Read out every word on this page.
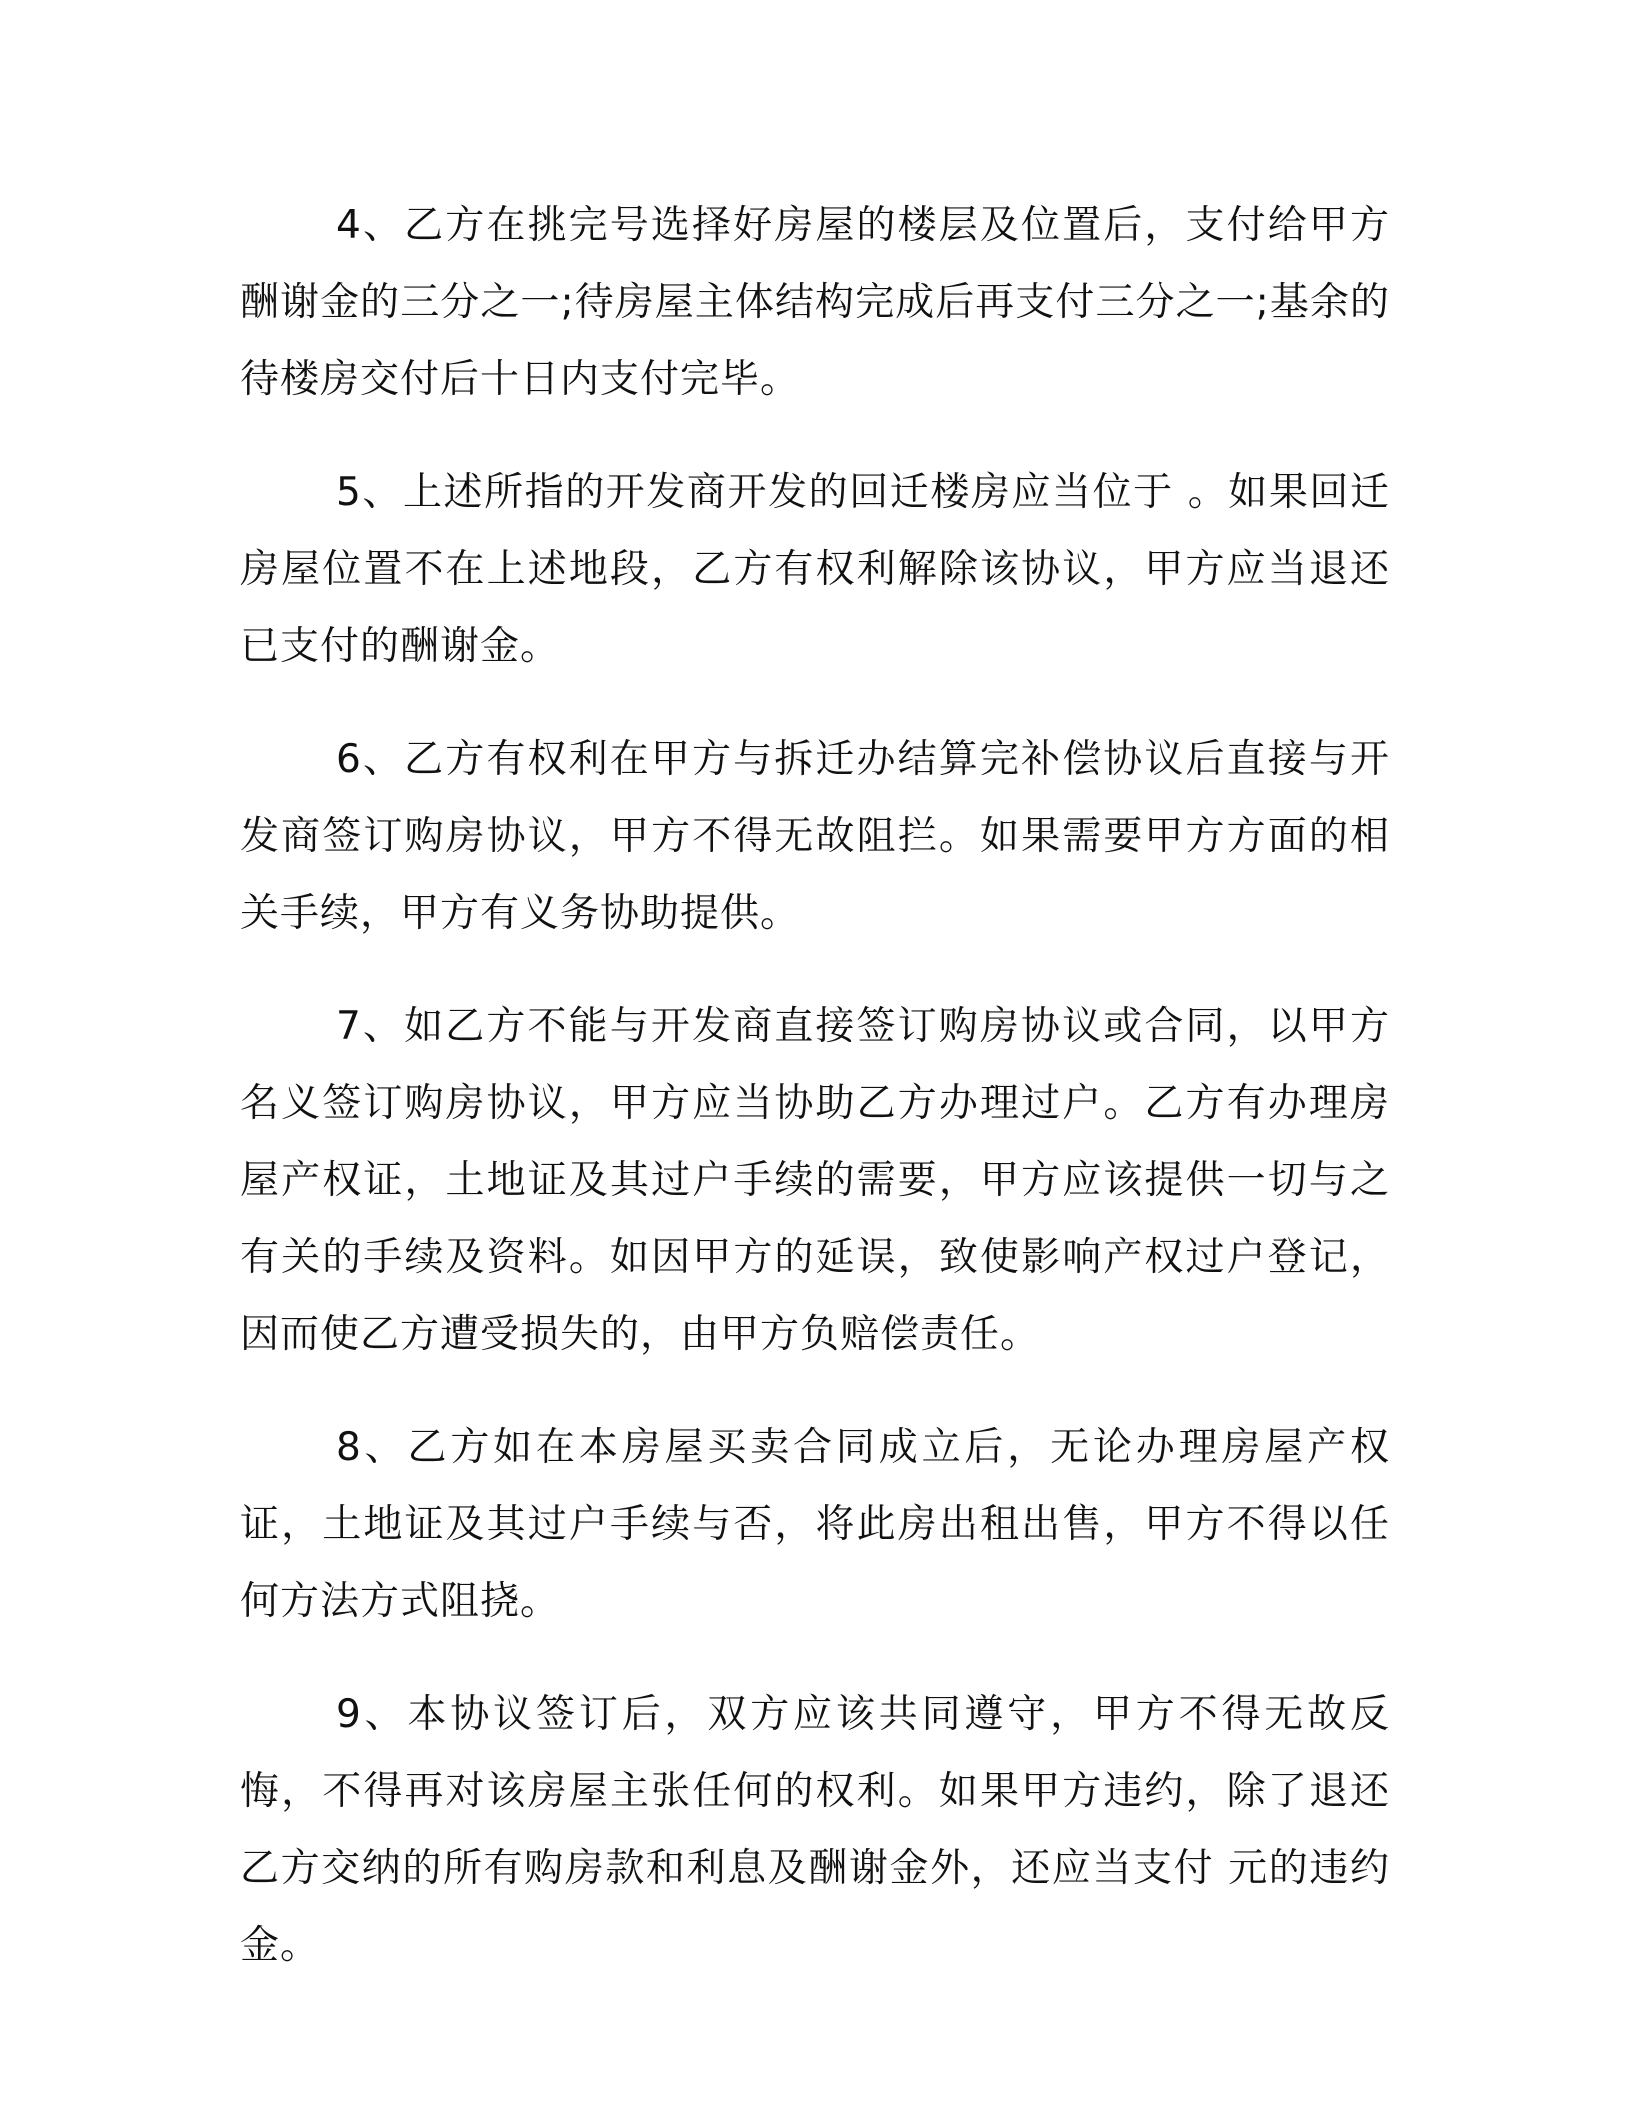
4、乙方在挑完号选择好房屋的楼层及位置后，支付给甲方酬谢金的三分之一;待房屋主体结构完成后再支付三分之一;基余的待楼房交付后十日内支付完毕。

5、上述所指的开发商开发的回迁楼房应当位于 。如果回迁房屋位置不在上述地段，乙方有权利解除该协议，甲方应当退还已支付的酬谢金。

6、乙方有权利在甲方与拆迁办结算完补偿协议后直接与开发商签订购房协议，甲方不得无故阻拦。如果需要甲方方面的相关手续，甲方有义务协助提供。

7、如乙方不能与开发商直接签订购房协议或合同，以甲方名义签订购房协议，甲方应当协助乙方办理过户。乙方有办理房屋产权证，土地证及其过户手续的需要，甲方应该提供一切与之有关的手续及资料。如因甲方的延误，致使影响产权过户登记，因而使乙方遭受损失的，由甲方负赔偿责任。

8、乙方如在本房屋买卖合同成立后，无论办理房屋产权证，土地证及其过户手续与否，将此房出租出售，甲方不得以任何方法方式阻挠。

9、本协议签订后，双方应该共同遵守，甲方不得无故反悔，不得再对该房屋主张任何的权利。如果甲方违约，除了退还乙方交纳的所有购房款和利息及酬谢金外，还应当支付 元的违约金。
